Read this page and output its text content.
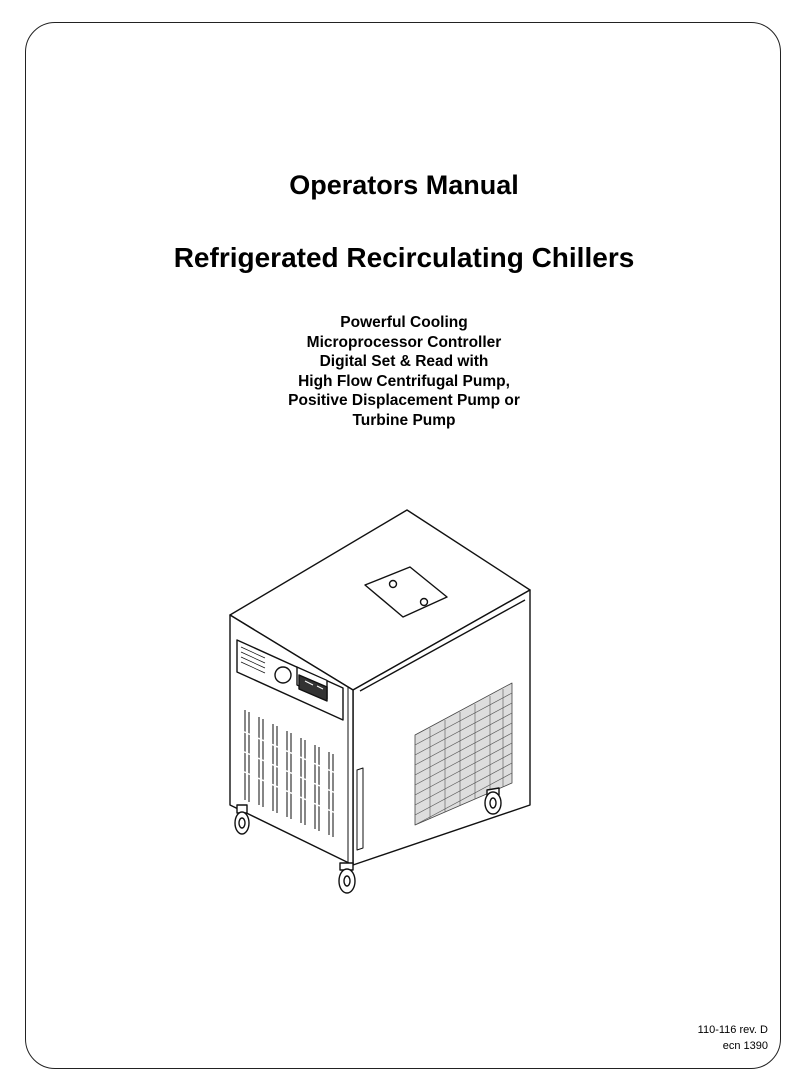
Operators Manual
Refrigerated Recirculating Chillers
Powerful Cooling
Microprocessor Controller
Digital Set & Read with
High Flow Centrifugal Pump,
Positive Displacement Pump or
Turbine Pump
110-116 rev. D
ecn 1390
